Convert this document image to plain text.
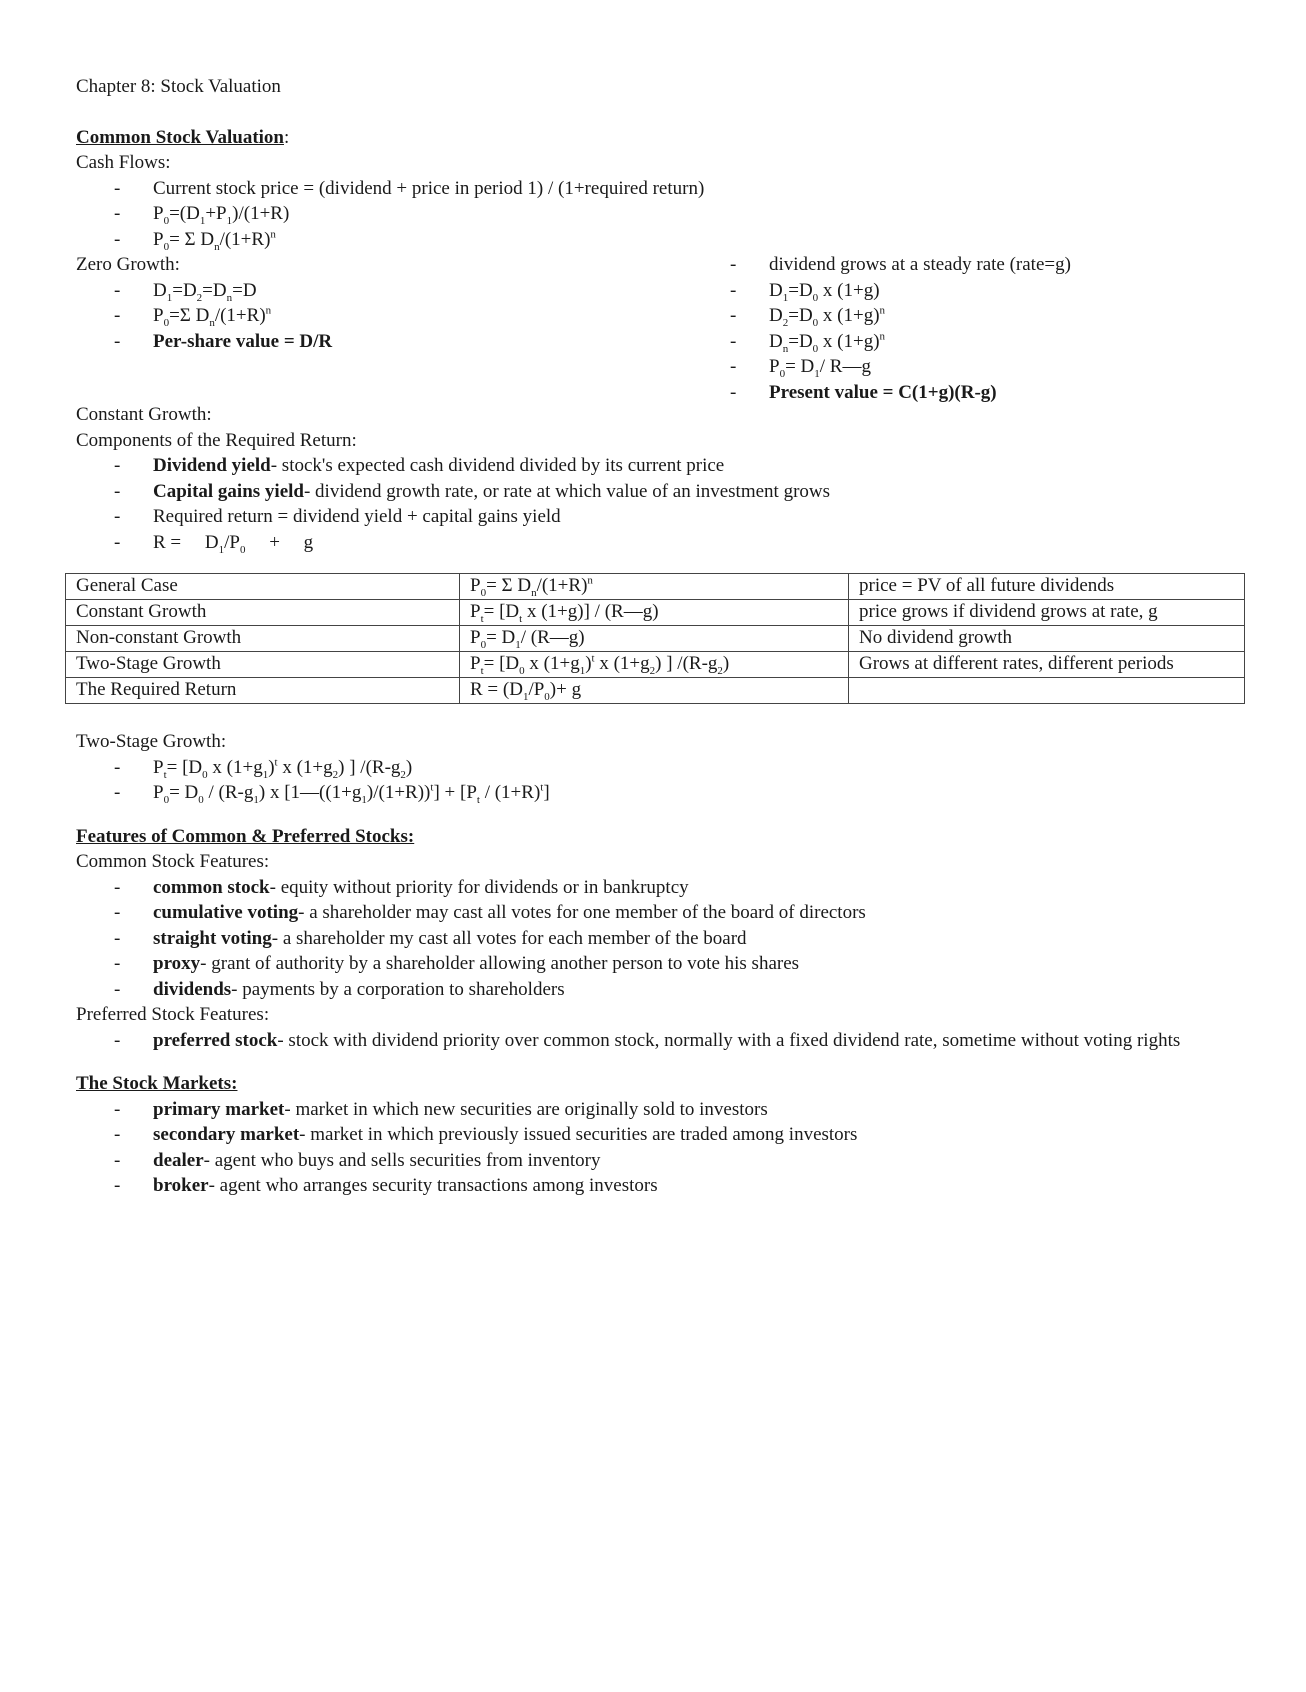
Chapter 8: Stock Valuation
Common Stock Valuation:
Cash Flows:
- Current stock price = (dividend + price in period 1) / (1+required return)
- $P_0=(D_1+P_1)/(1+R)$
- $P_0= \Sigma$ $D_n/(1+R)^n$
Zero Growth:
- $D_1=D_2=D_n=D$
- $P_0=\Sigma$ $D_n/(1+R)^n$
- Per-share value = D/R
- dividend grows at a steady rate (rate=g)
- $D_1=D_0$ x (1+g)
- $D_2=D_0$ x $(1+g)^n$
- $D_n=D_0$ x $(1+g)^n$
- $P_0= D_1/$ R—g
- Present value = C(1+g)(R-g)
Constant Growth:
Components of the Required Return:
- Dividend yield- stock's expected cash dividend divided by its current price
- Capital gains yield- dividend growth rate, or rate at which value of an investment grows
- Required return = dividend yield + capital gains yield
- R =     $D_1/P_0$     +     g
General Case	$P_0= \Sigma$ $D_n/(1+R)^n$	price = PV of all future dividends
Constant Growth	$P_t= [D_t$ x (1+g)] / (R—g)	price grows if dividend grows at rate, g
Non-constant Growth	$P_0= D_1/$ (R—g)	No dividend growth
Two-Stage Growth	$P_t= [D_0$ x $(1+g_1)^t$ x $(1+g_2)$ ] $/(R-g_2)$	Grows at different rates, different periods
The Required Return	$R = (D_1/P_0)+ g$	
Two-Stage Growth:
- $P_t= [D_0$ x $(1+g_1)^t$ x $(1+g_2)$ ] $/(R-g_2)$
- $P_0= D_0 / (R-g_1)$ x $[1—((1+g_1)/(1+R))^t] + [P_t / (1+R)^t]$
Features of Common & Preferred Stocks:
Common Stock Features:
- common stock- equity without priority for dividends or in bankruptcy
- cumulative voting- a shareholder may cast all votes for one member of the board of directors
- straight voting- a shareholder my cast all votes for each member of the board
- proxy- grant of authority by a shareholder allowing another person to vote his shares
- dividends- payments by a corporation to shareholders
Preferred Stock Features:
- preferred stock- stock with dividend priority over common stock, normally with a fixed dividend rate, sometime without voting rights
The Stock Markets:
- primary market- market in which new securities are originally sold to investors
- secondary market- market in which previously issued securities are traded among investors
- dealer- agent who buys and sells securities from inventory
- broker- agent who arranges security transactions among investors
